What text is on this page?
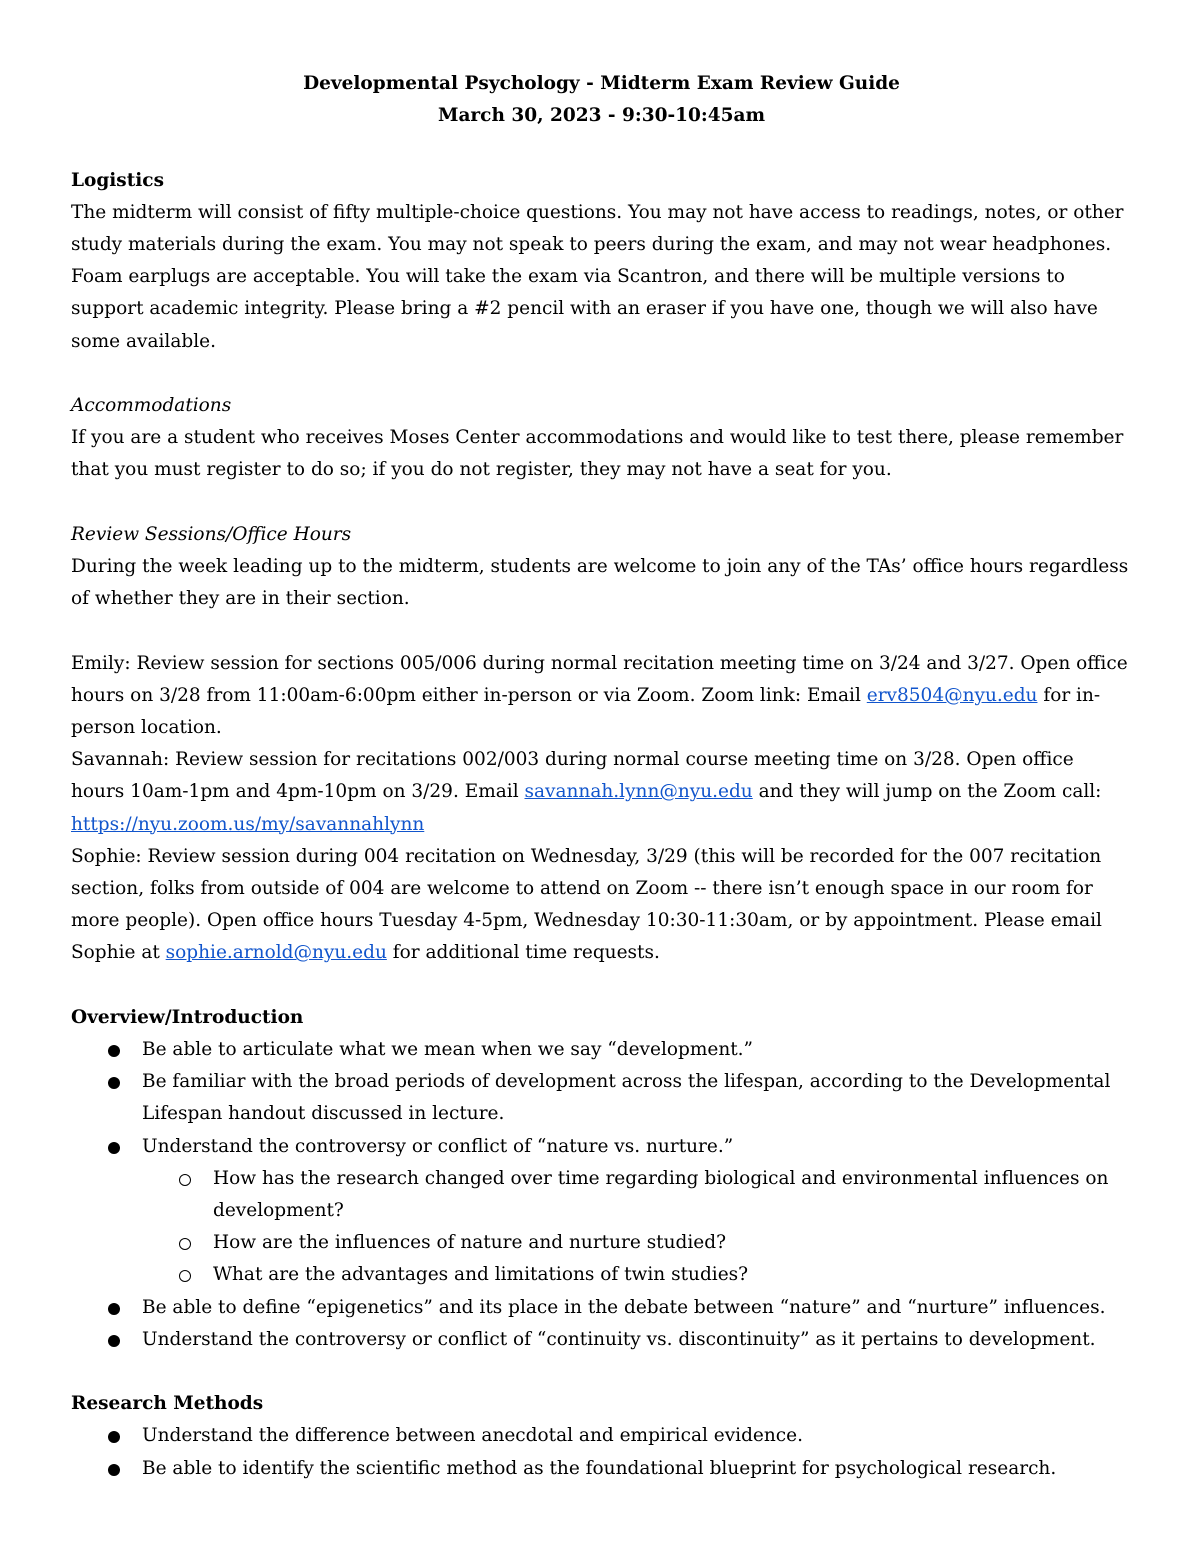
Developmental Psychology - Midterm Exam Review Guide

March 30, 2023 - 9:30-10:45am

Logistics

The midterm will consist of fifty multiple-choice questions. You may not have access to readings, notes, or other study materials during the exam. You may not speak to peers during the exam, and may not wear headphones. Foam earplugs are acceptable. You will take the exam via Scantron, and there will be multiple versions to support academic integrity. Please bring a #2 pencil with an eraser if you have one, though we will also have some available.

Accommodations

If you are a student who receives Moses Center accommodations and would like to test there, please remember that you must register to do so; if you do not register, they may not have a seat for you.

Review Sessions/Office Hours

During the week leading up to the midterm, students are welcome to join any of the TAs’ office hours regardless of whether they are in their section.

Emily: Review session for sections 005/006 during normal recitation meeting time on 3/24 and 3/27. Open office hours on 3/28 from 11:00am-6:00pm either in-person or via Zoom. Zoom link: Email erv8504@nyu.edu for in-person location.

Savannah: Review session for recitations 002/003 during normal course meeting time on 3/28. Open office hours 10am-1pm and 4pm-10pm on 3/29. Email savannah.lynn@nyu.edu and they will jump on the Zoom call: https://nyu.zoom.us/my/savannahlynn

Sophie: Review session during 004 recitation on Wednesday, 3/29 (this will be recorded for the 007 recitation section, folks from outside of 004 are welcome to attend on Zoom -- there isn’t enough space in our room for more people). Open office hours Tuesday 4-5pm, Wednesday 10:30-11:30am, or by appointment. Please email Sophie at sophie.arnold@nyu.edu for additional time requests.

Overview/Introduction
Be able to articulate what we mean when we say “development.”
Be familiar with the broad periods of development across the lifespan, according to the Developmental Lifespan handout discussed in lecture.
Understand the controversy or conflict of “nature vs. nurture.”
How has the research changed over time regarding biological and environmental influences on development?
How are the influences of nature and nurture studied?
What are the advantages and limitations of twin studies?
Be able to define “epigenetics” and its place in the debate between “nature” and “nurture” influences.
Understand the controversy or conflict of “continuity vs. discontinuity” as it pertains to development.
Research Methods
Understand the difference between anecdotal and empirical evidence.
Be able to identify the scientific method as the foundational blueprint for psychological research.
